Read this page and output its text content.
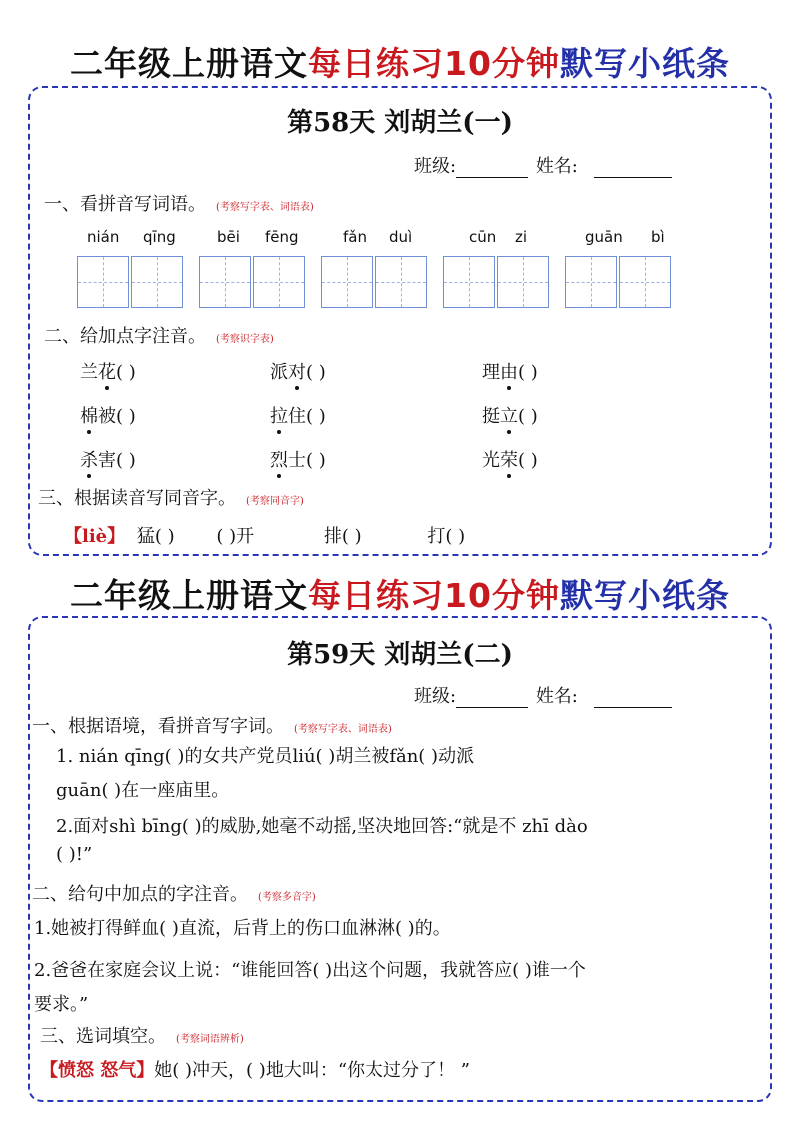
二年级上册语文每日练习10分钟默写小纸条
第58天 刘胡兰(一)
班级:	姓名:
一、看拼音写词语。 (考察写字表、词语表)
nián qīng	bēi fēng	fǎn duì	cūn zi	guān bì
二、给加点字注音。 (考察识字表)
兰花( )	派对( )	理由( )
棉被( )	拉住( )	挺立( )
杀害( )	烈士( )	光荣( )
三、根据读音写同音字。 (考察同音字)
【liè】 猛( ) ( )开	排( )	打( )
二年级上册语文每日练习10分钟默写小纸条
第59天 刘胡兰(二)
班级:	姓名:
一、根据语境，看拼音写字词。 (考察写字表、词语表)
1. nián qīng( )的女共产党员liú( )胡兰被fǎn( )动派
guān( )在一座庙里。
2.面对shì bīng( )的威胁,她毫不动摇,坚决地回答:“就是不 zhī dào
( )!”
二、给句中加点的字注音。 (考察多音字)
1.她被打得鲜血( )直流，后背上的伤口血淋淋( )的。
2.爸爸在家庭会议上说：“谁能回答( )出这个问题，我就答应( )谁一个
要求。”
三、选词填空。 (考察词语辨析)
【愤怒 怒气】她( )冲天，( )地大叫：“你太过分了！ ”
